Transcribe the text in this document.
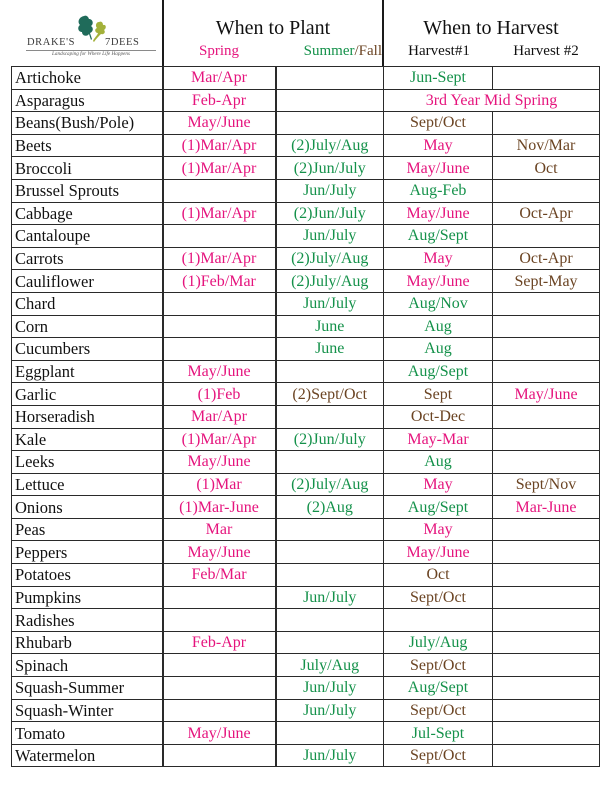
DRAKE'S	7DEES
Landscaping for Where Life Happens
When to Plant	When to Harvest
Spring	Summer/Fall	Harvest#1	Harvest #2
Artichoke	Mar/Apr		Jun-Sept	
Asparagus	Feb-Apr		3rd Year Mid Spring	
Beans(Bush/Pole)	May/June		Sept/Oct	
Beets	(1)Mar/Apr	(2)July/Aug	May	Nov/Mar
Broccoli	(1)Mar/Apr	(2)Jun/July	May/June	Oct
Brussel Sprouts		Jun/July	Aug-Feb	
Cabbage	(1)Mar/Apr	(2)Jun/July	May/June	Oct-Apr
Cantaloupe		Jun/July	Aug/Sept	
Carrots	(1)Mar/Apr	(2)July/Aug	May	Oct-Apr
Cauliflower	(1)Feb/Mar	(2)July/Aug	May/June	Sept-May
Chard		Jun/July	Aug/Nov	
Corn		June	Aug	
Cucumbers		June	Aug	
Eggplant	May/June		Aug/Sept	
Garlic	(1)Feb	(2)Sept/Oct	Sept	May/June
Horseradish	Mar/Apr		Oct-Dec	
Kale	(1)Mar/Apr	(2)Jun/July	May-Mar	
Leeks	May/June		Aug	
Lettuce	(1)Mar	(2)July/Aug	May	Sept/Nov
Onions	(1)Mar-June	(2)Aug	Aug/Sept	Mar-June
Peas	Mar		May	
Peppers	May/June		May/June	
Potatoes	Feb/Mar		Oct	
Pumpkins		Jun/July	Sept/Oct	
Radishes				
Rhubarb	Feb-Apr		July/Aug	
Spinach		July/Aug	Sept/Oct	
Squash-Summer		Jun/July	Aug/Sept	
Squash-Winter		Jun/July	Sept/Oct	
Tomato	May/June		Jul-Sept	
Watermelon		Jun/July	Sept/Oct	
